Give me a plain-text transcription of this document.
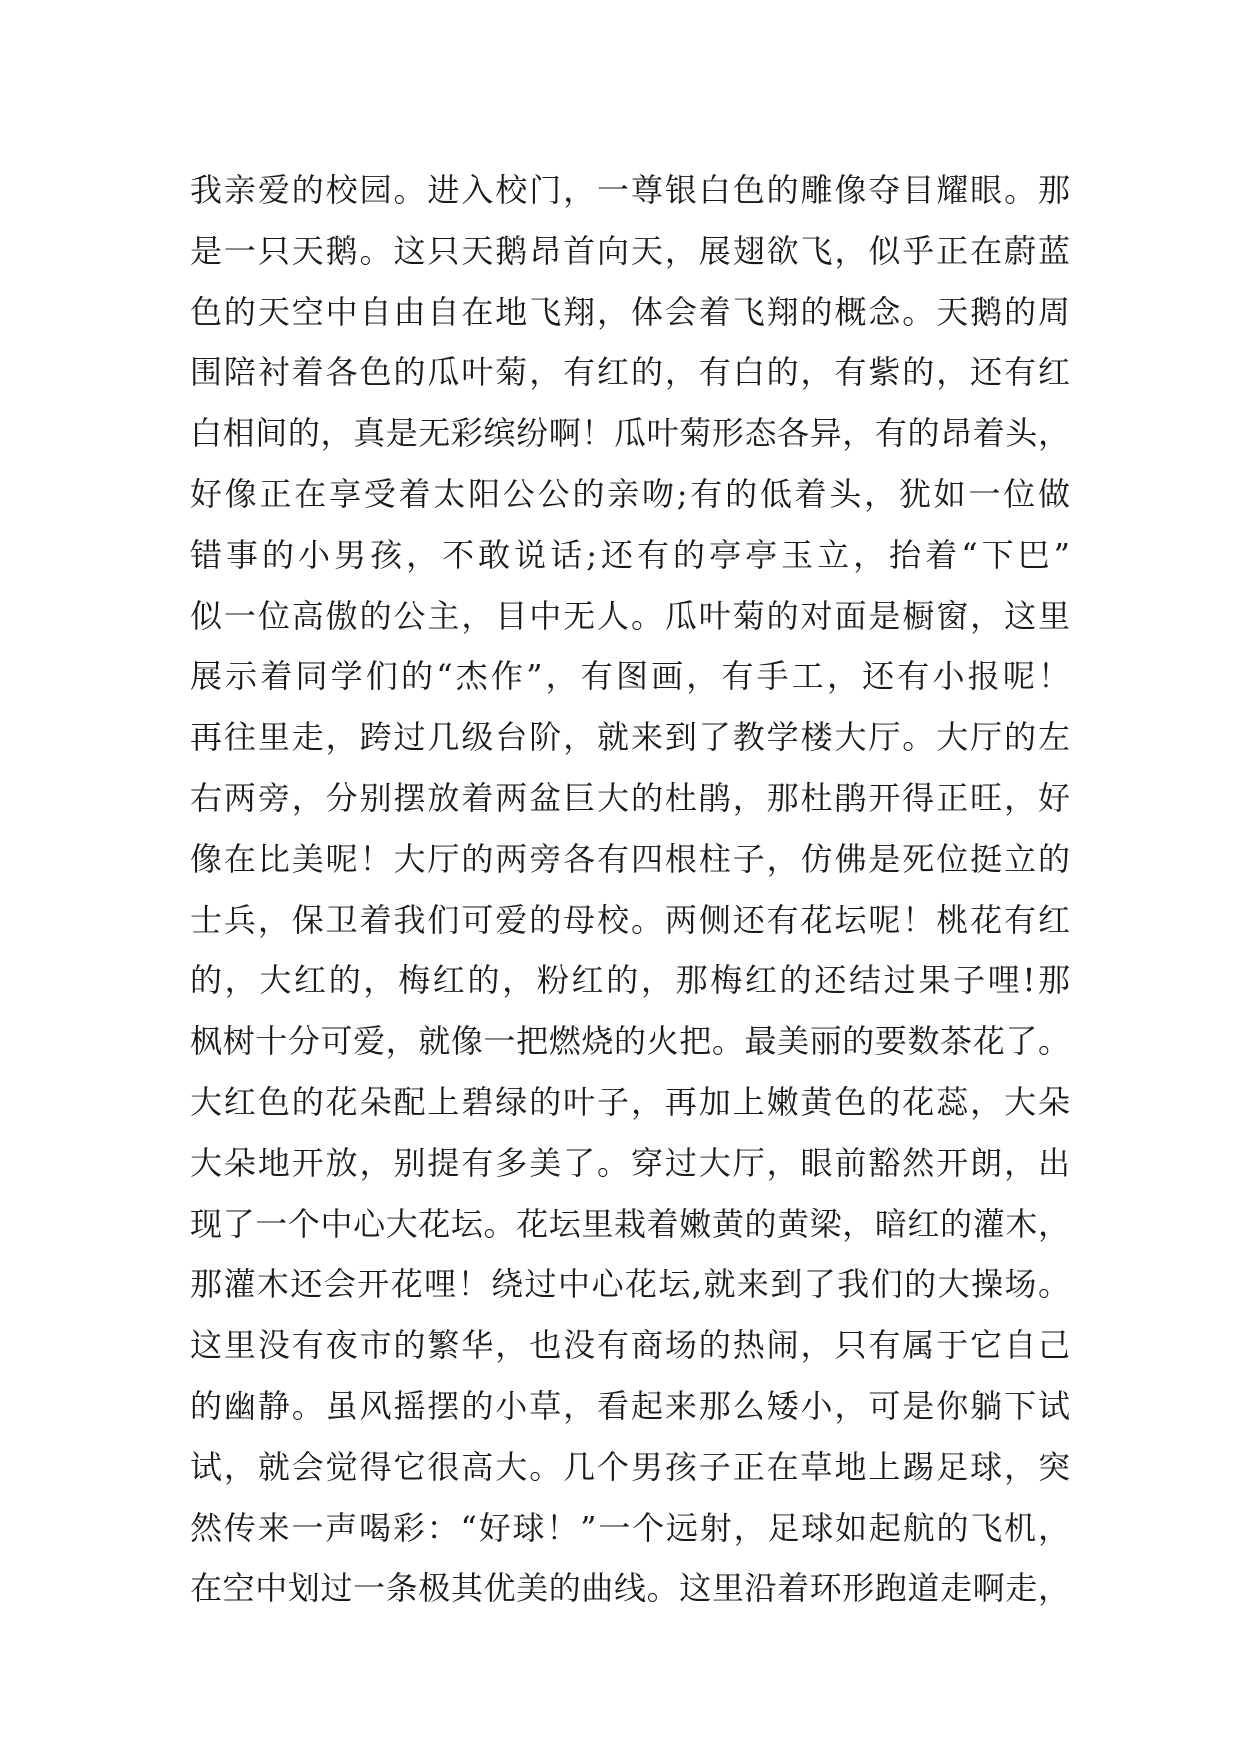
我亲爱的校园。进入校门，一尊银白色的雕像夺目耀眼。那
是一只天鹅。这只天鹅昂首向天，展翅欲飞，似乎正在蔚蓝
色的天空中自由自在地飞翔，体会着飞翔的概念。天鹅的周
围陪衬着各色的瓜叶菊，有红的，有白的，有紫的，还有红
白相间的，真是无彩缤纷啊！瓜叶菊形态各异，有的昂着头，
好像正在享受着太阳公公的亲吻;有的低着头，犹如一位做
错事的小男孩，不敢说话;还有的亭亭玉立，抬着“下巴”
似一位高傲的公主，目中无人。瓜叶菊的对面是橱窗，这里
展示着同学们的“杰作”，有图画，有手工，还有小报呢！
再往里走，跨过几级台阶，就来到了教学楼大厅。大厅的左
右两旁，分别摆放着两盆巨大的杜鹃，那杜鹃开得正旺，好
像在比美呢！大厅的两旁各有四根柱子，仿佛是死位挺立的
士兵，保卫着我们可爱的母校。两侧还有花坛呢！桃花有红
的，大红的，梅红的，粉红的，那梅红的还结过果子哩!那
枫树十分可爱，就像一把燃烧的火把。最美丽的要数茶花了。
大红色的花朵配上碧绿的叶子，再加上嫩黄色的花蕊，大朵
大朵地开放，别提有多美了。穿过大厅，眼前豁然开朗，出
现了一个中心大花坛。花坛里栽着嫩黄的黄梁，暗红的灌木，
那灌木还会开花哩！绕过中心花坛,就来到了我们的大操场。
这里没有夜市的繁华，也没有商场的热闹，只有属于它自己
的幽静。虽风摇摆的小草，看起来那么矮小，可是你躺下试
试，就会觉得它很高大。几个男孩子正在草地上踢足球，突
然传来一声喝彩：“好球！”一个远射，足球如起航的飞机，
在空中划过一条极其优美的曲线。这里沿着环形跑道走啊走，
